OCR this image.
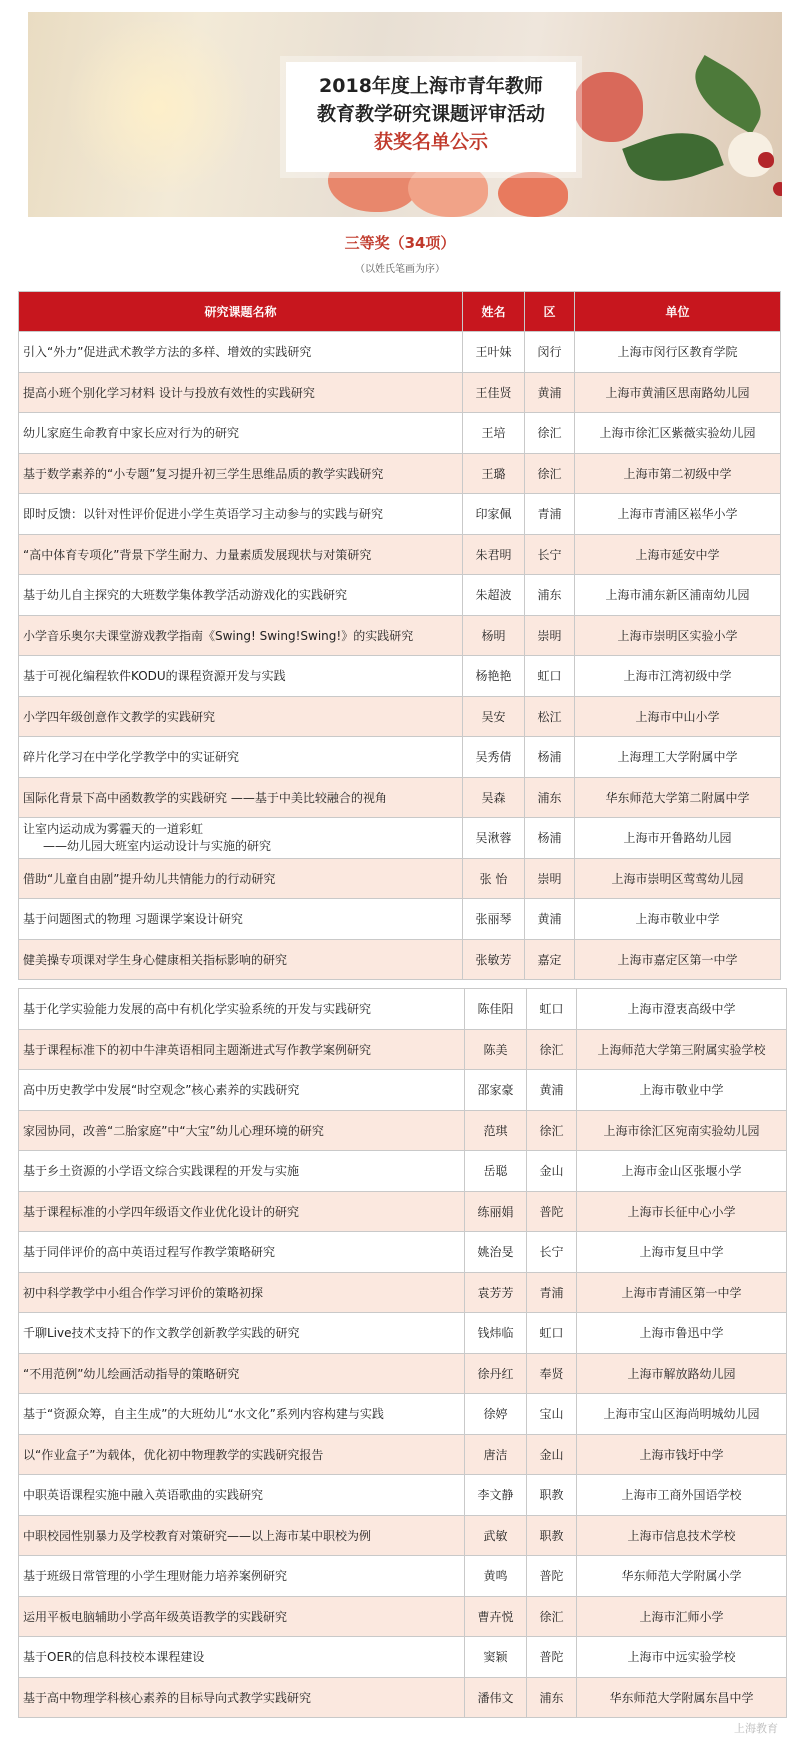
2018年度上海市青年教师
教育教学研究课题评审活动
获奖名单公示
三等奖（34项）
（以姓氏笔画为序）
研究课题名称	姓名	区	单位
引入“外力”促进武术教学方法的多样、增效的实践研究	王叶妹	闵行	上海市闵行区教育学院
提高小班个别化学习材料 设计与投放有效性的实践研究	王佳贤	黄浦	上海市黄浦区思南路幼儿园
幼儿家庭生命教育中家长应对行为的研究	王培	徐汇	上海市徐汇区紫薇实验幼儿园
基于数学素养的“小专题”复习提升初三学生思维品质的教学实践研究	王璐	徐汇	上海市第二初级中学
即时反馈：以针对性评价促进小学生英语学习主动参与的实践与研究	印家佩	青浦	上海市青浦区崧华小学
“高中体育专项化”背景下学生耐力、力量素质发展现状与对策研究	朱君明	长宁	上海市延安中学
基于幼儿自主探究的大班数学集体教学活动游戏化的实践研究	朱超波	浦东	上海市浦东新区浦南幼儿园
小学音乐奥尔夫课堂游戏教学指南《Swing! Swing!Swing!》的实践研究	杨明	崇明	上海市崇明区实验小学
基于可视化编程软件KODU的课程资源开发与实践	杨艳艳	虹口	上海市江湾初级中学
小学四年级创意作文教学的实践研究	吴安	松江	上海市中山小学
碎片化学习在中学化学教学中的实证研究	吴秀倩	杨浦	上海理工大学附属中学
国际化背景下高中函数教学的实践研究 ——基于中美比较融合的视角	吴森	浦东	华东师范大学第二附属中学

让室内运动成为雾霾天的一道彩虹
——幼儿园大班室内运动设计与实施的研究	吴湫蓉	杨浦	上海市开鲁路幼儿园
借助“儿童自由剧”提升幼儿共情能力的行动研究	张 怡	崇明	上海市崇明区莺莺幼儿园
基于问题图式的物理 习题课学案设计研究	张丽琴	黄浦	上海市敬业中学
健美操专项课对学生身心健康相关指标影响的研究	张敏芳	嘉定	上海市嘉定区第一中学
基于化学实验能力发展的高中有机化学实验系统的开发与实践研究	陈佳阳	虹口	上海市澄衷高级中学
基于课程标准下的初中牛津英语相同主题渐进式写作教学案例研究	陈美	徐汇	上海师范大学第三附属实验学校
高中历史教学中发展“时空观念”核心素养的实践研究	邵家豪	黄浦	上海市敬业中学
家园协同，改善“二胎家庭”中“大宝”幼儿心理环境的研究	范琪	徐汇	上海市徐汇区宛南实验幼儿园
基于乡土资源的小学语文综合实践课程的开发与实施	岳聪	金山	上海市金山区张堰小学
基于课程标准的小学四年级语文作业优化设计的研究	练丽娟	普陀	上海市长征中心小学
基于同伴评价的高中英语过程写作教学策略研究	姚治旻	长宁	上海市复旦中学
初中科学教学中小组合作学习评价的策略初探	袁芳芳	青浦	上海市青浦区第一中学
千聊Live技术支持下的作文教学创新教学实践的研究	钱炜临	虹口	上海市鲁迅中学
“不用范例”幼儿绘画活动指导的策略研究	徐丹红	奉贤	上海市解放路幼儿园
基于“资源众筹，自主生成”的大班幼儿“水文化”系列内容构建与实践	徐婷	宝山	上海市宝山区海尚明城幼儿园
以“作业盒子”为载体，优化初中物理教学的实践研究报告	唐洁	金山	上海市钱圩中学
中职英语课程实施中融入英语歌曲的实践研究	李文静	职教	上海市工商外国语学校
中职校园性别暴力及学校教育对策研究——以上海市某中职校为例	武敏	职教	上海市信息技术学校
基于班级日常管理的小学生理财能力培养案例研究	黄鸣	普陀	华东师范大学附属小学
运用平板电脑辅助小学高年级英语教学的实践研究	曹卉悦	徐汇	上海市汇师小学
基于OER的信息科技校本课程建设	窦颖	普陀	上海市中远实验学校
基于高中物理学科核心素养的目标导向式教学实践研究	潘伟文	浦东	华东师范大学附属东昌中学
上海教育
